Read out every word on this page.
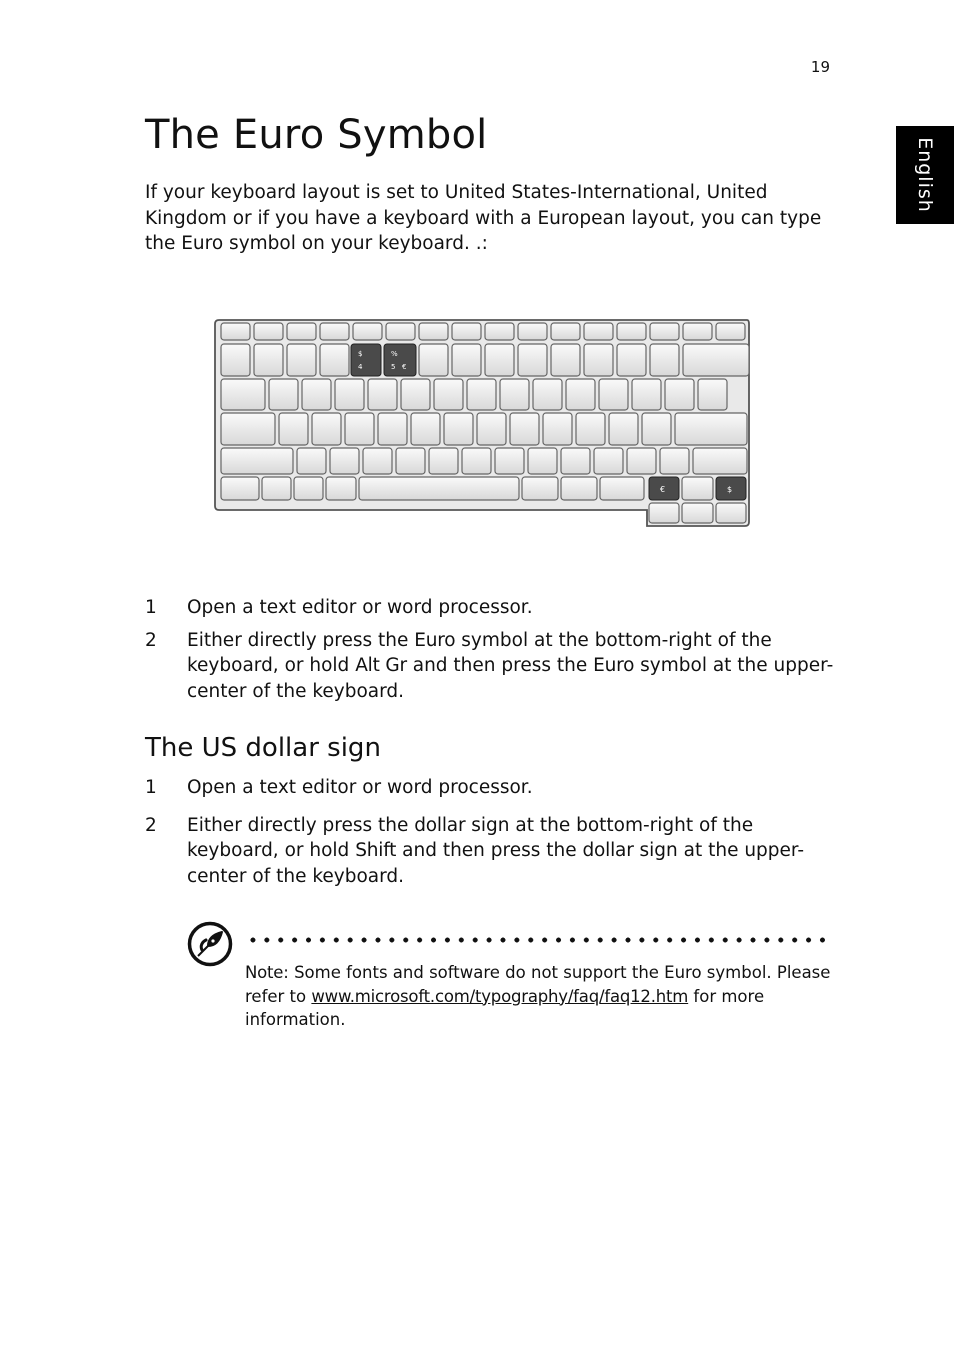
19
English
The Euro Symbol

If your keyboard layout is set to United States-International, United Kingdom or if you have a keyboard with a European layout, you can type the Euro symbol on your keyboard. .:

$
4
%
5 €
€	$
1	Open a text editor or word processor.
2	Either directly press the Euro symbol at the bottom-right of the keyboard, or hold Alt Gr and then press the Euro symbol at the upper-center of the keyboard.
The US dollar sign
1	Open a text editor or word processor.
2	Either directly press the dollar sign at the bottom-right of the keyboard, or hold Shift and then press the dollar sign at the upper-center of the keyboard.

Note: Some fonts and software do not support the Euro symbol. Please refer to www.microsoft.com/typography/faq/faq12.htm for more information.
